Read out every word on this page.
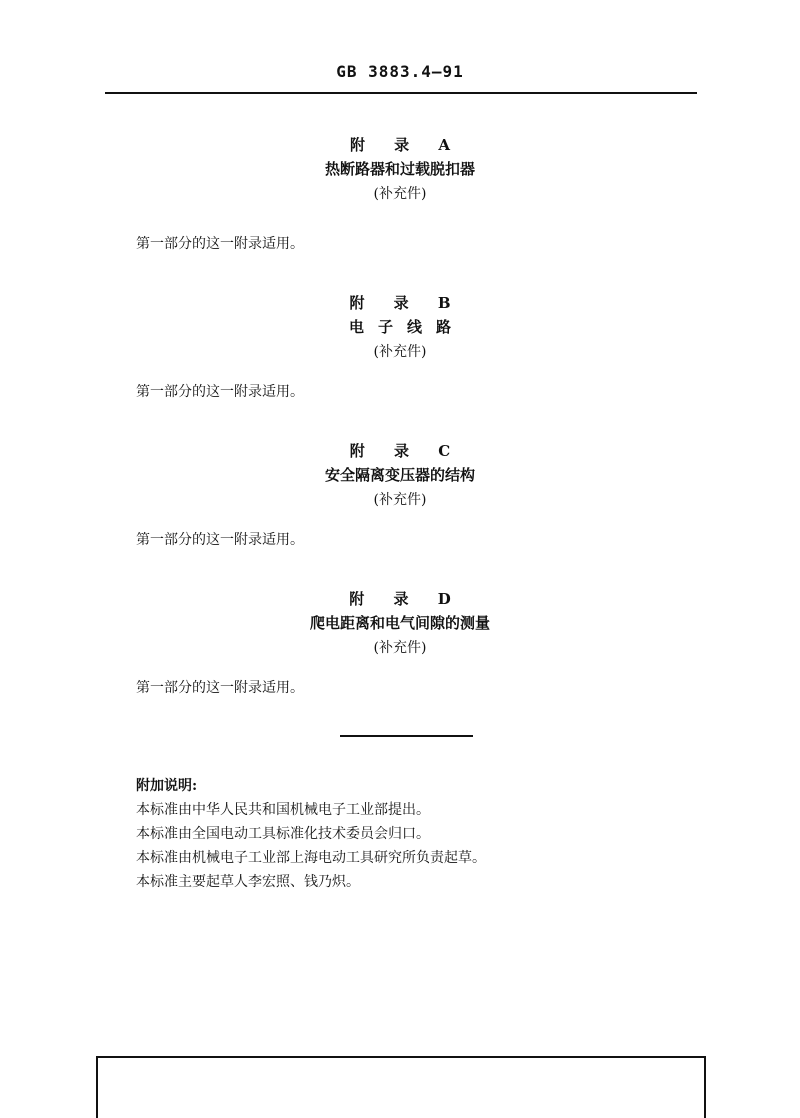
GB 3883.4—91
附 录 A
热断路器和过载脱扣器
(补充件)
第一部分的这一附录适用。
附 录 B
电子线路
(补充件)
第一部分的这一附录适用。
附 录 C
安全隔离变压器的结构
(补充件)
第一部分的这一附录适用。
附 录 D
爬电距离和电气间隙的测量
(补充件)
第一部分的这一附录适用。
附加说明:
本标准由中华人民共和国机械电子工业部提出。
本标准由全国电动工具标准化技术委员会归口。
本标准由机械电子工业部上海电动工具研究所负责起草。
本标准主要起草人李宏照、钱乃炽。
